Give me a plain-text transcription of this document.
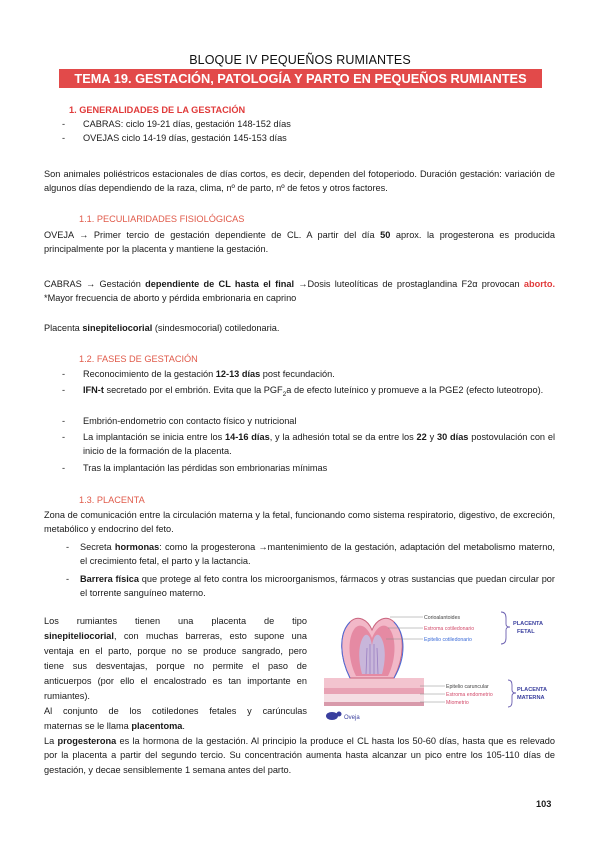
BLOQUE IV PEQUEÑOS RUMIANTES
TEMA 19. GESTACIÓN, PATOLOGÍA Y PARTO EN PEQUEÑOS RUMIANTES
1. GENERALIDADES DE LA GESTACIÓN
- CABRAS: ciclo 19-21 días, gestación 148-152 días
- OVEJAS ciclo 14-19 días, gestación 145-153 días
Son animales poliéstricos estacionales de días cortos, es decir, dependen del fotoperiodo. Duración gestación: variación de algunos días dependiendo de la raza, clima, nº de parto, nº de fetos y otros factores.
1.1. PECULIARIDADES FISIOLÓGICAS
OVEJA → Primer tercio de gestación dependiente de CL. A partir del día 50 aprox. la progesterona es producida principalmente por la placenta y mantiene la gestación.
CABRAS → Gestación dependiente de CL hasta el final →Dosis luteolíticas de prostaglandina F2α provocan aborto. *Mayor frecuencia de aborto y pérdida embrionaria en caprino
Placenta sinepiteliocorial (sindesmocorial) cotiledonaria.
1.2. FASES DE GESTACIÓN
- Reconocimiento de la gestación 12-13 días post fecundación.
- IFN-t secretado por el embrión. Evita que la $PGF_2a$ de efecto luteínico y promueve a la PGE2 (efecto luteotropo).
- Embrión-endometrio con contacto físico y nutricional
- La implantación se inicia entre los 14-16 días, y la adhesión total se da entre los 22 y 30 días postovulación con el inicio de la formación de la placenta.
- Tras la implantación las pérdidas son embrionarias mínimas
1.3. PLACENTA
Zona de comunicación entre la circulación materna y la fetal, funcionando como sistema respiratorio, digestivo, de excreción, metabólico y endocrino del feto.
- Secreta hormonas: como la progesterona →mantenimiento de la gestación, adaptación del metabolismo materno, el crecimiento fetal, el parto y la lactancia.
- Barrera física que protege al feto contra los microorganismos, fármacos y otras sustancias que puedan circular por el torrente sanguíneo materno.
Los rumiantes tienen una placenta de tipo
sinepiteliocorial, con muchas barreras, esto supone una
ventaja en el parto, porque no se produce sangrado, pero
tiene sus desventajas, porque no permite el paso de
anticuerpos (por ello el encalostrado es tan importante en
rumiantes).
Al conjunto de los cotiledones fetales y carúnculas
maternas se le llama placentoma.
La progesterona es la hormona de la gestación. Al principio la produce el CL hasta los 50-60 días, hasta que es relevado por la placenta a partir del segundo tercio. Su concentración aumenta hasta alcanzar un pico entre los 105-110 días de gestación, y decae sensiblemente 1 semana antes del parto.
Oveja
Corioalantoides
Estroma cotiledonario
Epitelio cotiledonario
PLACENTA
FETAL
Epitelio caruncular
Estroma endometrio
Miometrio
PLACENTA
MATERNA
103
